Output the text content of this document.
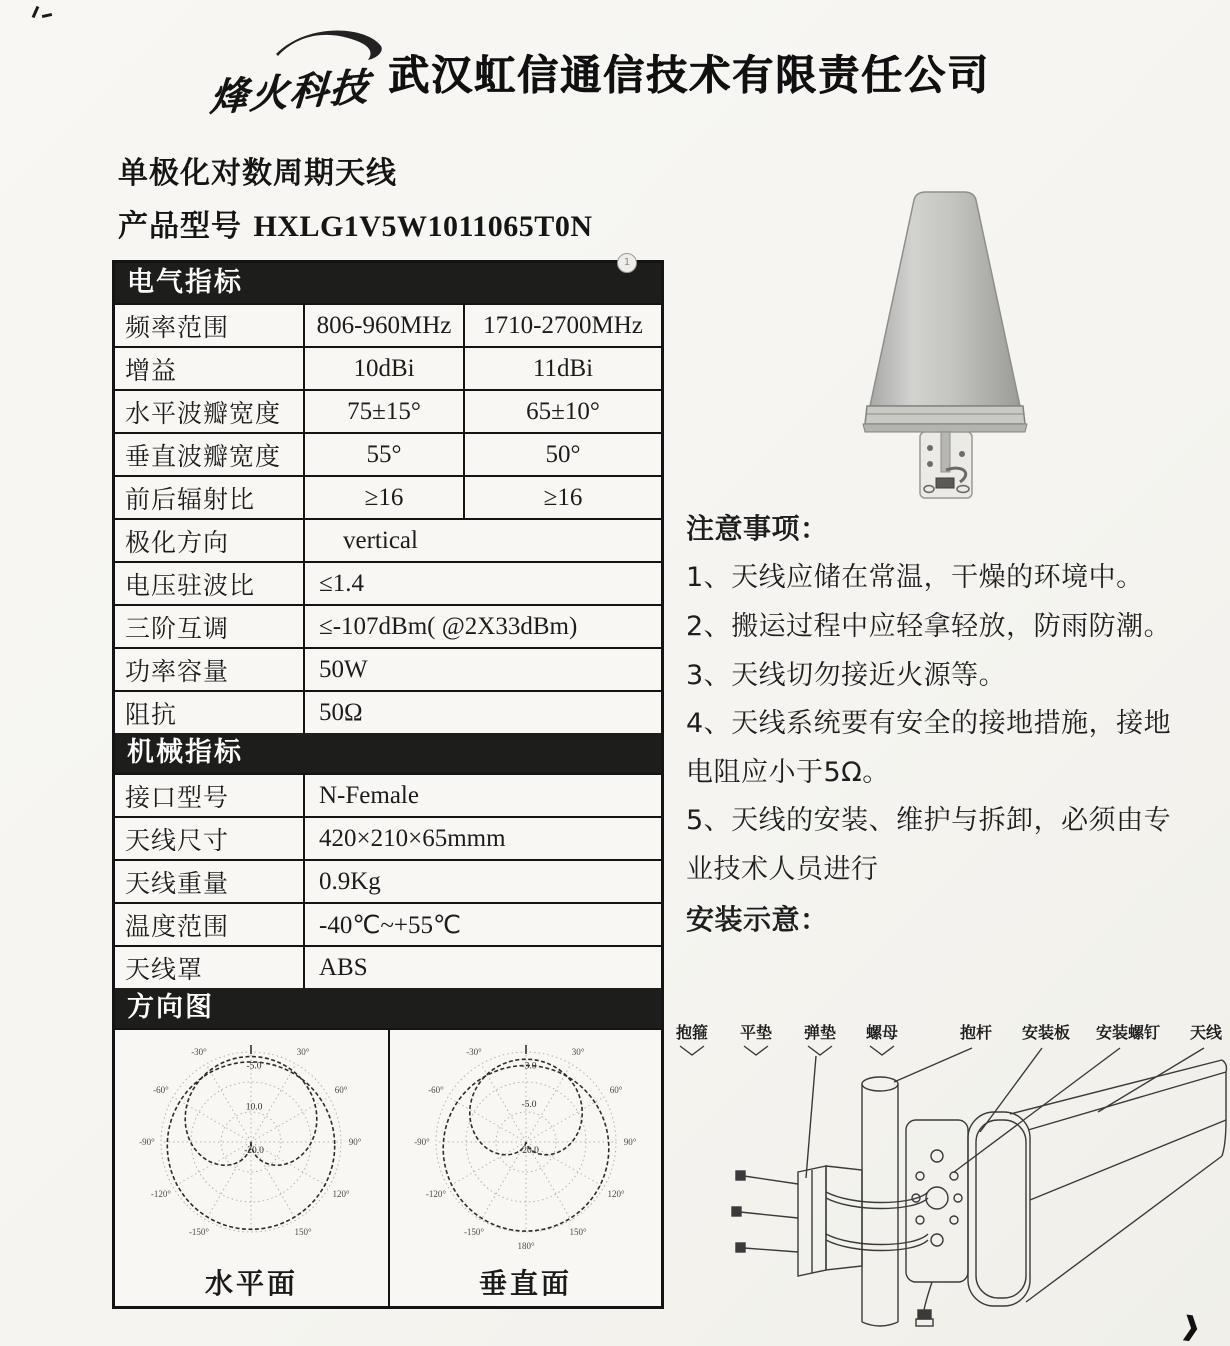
烽火科技 武汉虹信通信技术有限责任公司
单极化对数周期天线
产品型号 HXLG1V5W1011065T0N
电气指标
频率范围	806-960MHz	1710-2700MHz
增益	10dBi	11dBi
水平波瓣宽度	75±15°	65±10°
垂直波瓣宽度	55°	50°
前后辐射比	≥16	≥16
极化方向	vertical
电压驻波比	≤1.4
三阶互调	≤-107dBm( @2X33dBm)
功率容量	50W
阻抗	50Ω
机械指标
接口型号	N-Female
天线尺寸	420×210×65mmm
天线重量	0.9Kg
温度范围	-40℃~+55℃
天线罩	ABS
方向图
-30°	30°
-60°	60°
-90°	90°
-120°	120°
-150°	150°
-5.0
10.0
-20.0
水平面
-30°	30°
-60°	60°
-90°	90°
-120°	120°
-150°	150°
180°
-3.0
-5.0
-20.0
垂直面
注意事项：
1、天线应储在常温，干燥的环境中。
2、搬运过程中应轻拿轻放，防雨防潮。
3、天线切勿接近火源等。
4、天线系统要有安全的接地措施，接地电阻应小于5Ω。
5、天线的安装、维护与拆卸，必须由专业技术人员进行
安装示意：
抱箍 平垫 弹垫 螺母	抱杆 安装板 安装螺钉 天线
1
❱
